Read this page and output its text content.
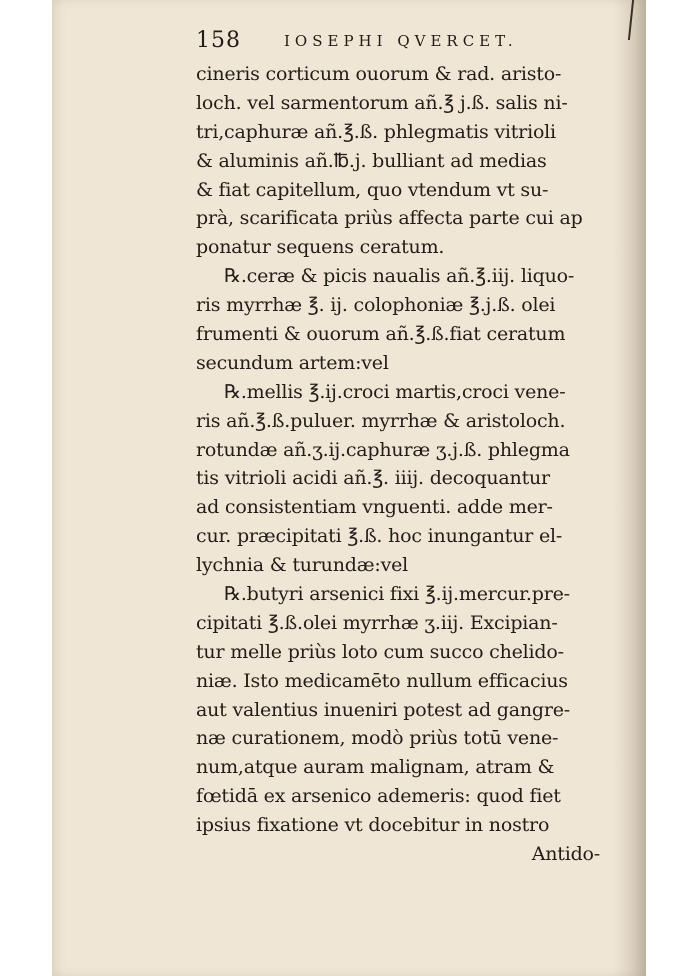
158	IOSEPHI QVERCET.
cineris corticum ouorum & rad. aristo-
loch. vel sarmentorum añ.℥ j.ß. salis ni-
tri,caphuræ añ.℥.ß. phlegmatis vitrioli
& aluminis añ.℔.j. bulliant ad medias
& fiat capitellum, quo vtendum vt su-
prà, scarificata priùs affecta parte cui ap
ponatur sequens ceratum.
℞.ceræ & picis naualis añ.℥.iij. liquo-
ris myrrhæ ℥. ij. colophoniæ ℥.j.ß. olei
frumenti & ouorum añ.℥.ß.fiat ceratum
secundum artem:vel
℞.mellis ℥.ij.croci martis,croci vene-
ris añ.℥.ß.puluer. myrrhæ & aristoloch.
rotundæ añ.ʒ.ij.caphuræ ʒ.j.ß. phlegma
tis vitrioli acidi añ.℥. iiij. decoquantur
ad consistentiam vnguenti. adde mer-
cur. præcipitati ℥.ß. hoc inungantur el-
lychnia & turundæ:vel
℞.butyri arsenici fixi ℥.ij.mercur.pre-
cipitati ℥.ß.olei myrrhæ ʒ.iij. Excipian-
tur melle priùs loto cum succo chelido-
niæ. Isto medicamēto nullum efficacius
aut valentius inueniri potest ad gangre-
næ curationem, modò priùs totū vene-
num,atque auram malignam, atram &
fœtidā ex arsenico ademeris: quod fiet
ipsius fixatione vt docebitur in nostro
Antido-
